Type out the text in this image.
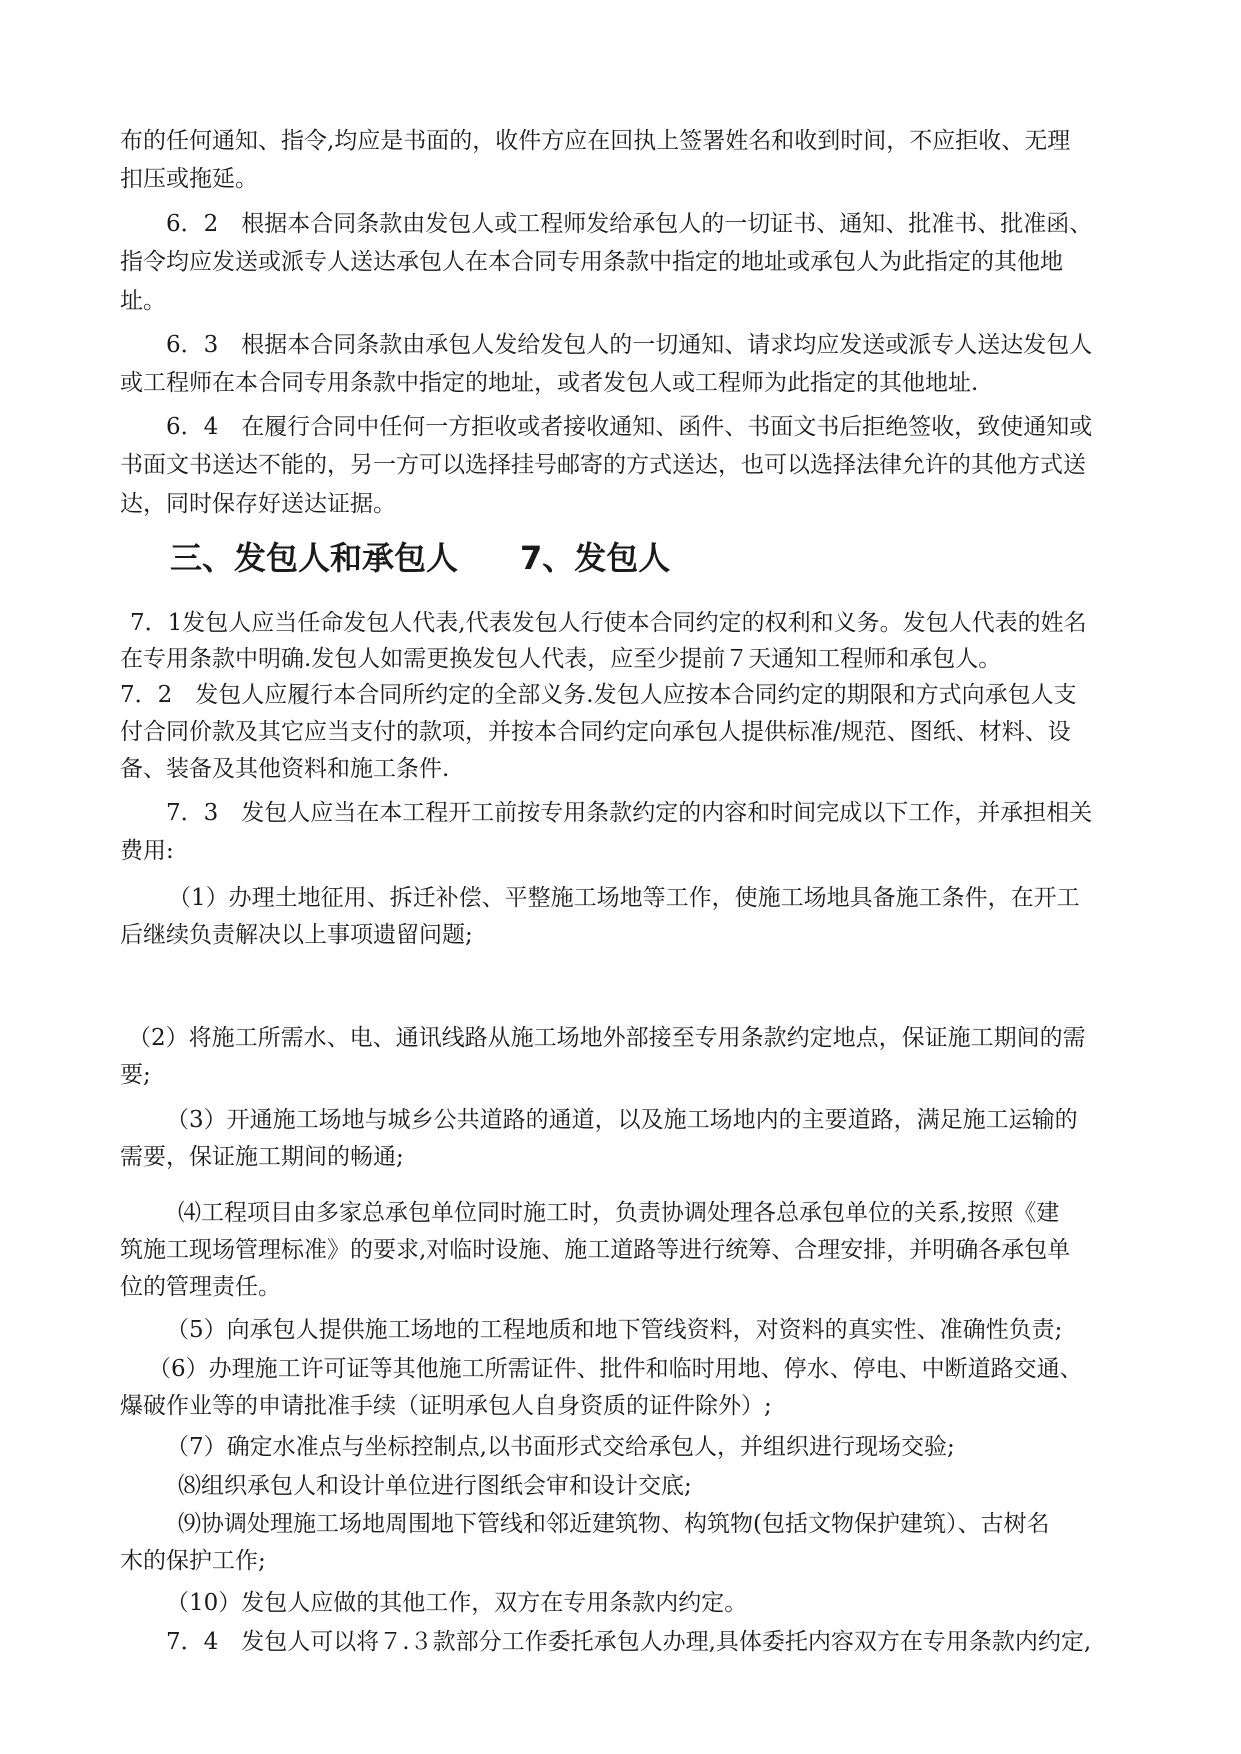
布的任何通知、指令,均应是书面的，收件方应在回执上签署姓名和收到时间，不应拒收、无理
扣压或拖延。
6．2　根据本合同条款由发包人或工程师发给承包人的一切证书、通知、批准书、批准函、
指令均应发送或派专人送达承包人在本合同专用条款中指定的地址或承包人为此指定的其他地
址。
6．3　根据本合同条款由承包人发给发包人的一切通知、请求均应发送或派专人送达发包人
或工程师在本合同专用条款中指定的地址，或者发包人或工程师为此指定的其他地址.
6．4　在履行合同中任何一方拒收或者接收通知、函件、书面文书后拒绝签收，致使通知或
书面文书送达不能的，另一方可以选择挂号邮寄的方式送达，也可以选择法律允许的其他方式送
达，同时保存好送达证据。
三、发包人和承包人 7、发包人
7．1发包人应当任命发包人代表,代表发包人行使本合同约定的权利和义务。发包人代表的姓名
在专用条款中明确.发包人如需更换发包人代表，应至少提前７天通知工程师和承包人。
7．2　发包人应履行本合同所约定的全部义务.发包人应按本合同约定的期限和方式向承包人支
付合同价款及其它应当支付的款项，并按本合同约定向承包人提供标准/规范、图纸、材料、设
备、装备及其他资料和施工条件.
7．3　发包人应当在本工程开工前按专用条款约定的内容和时间完成以下工作，并承担相关
费用:
（1）办理土地征用、拆迁补偿、平整施工场地等工作，使施工场地具备施工条件，在开工
后继续负责解决以上事项遗留问题;
（2）将施工所需水、电、通讯线路从施工场地外部接至专用条款约定地点，保证施工期间的需
要;
（3）开通施工场地与城乡公共道路的通道，以及施工场地内的主要道路，满足施工运输的
需要，保证施工期间的畅通;
⑷工程项目由多家总承包单位同时施工时，负责协调处理各总承包单位的关系,按照《建
筑施工现场管理标准》的要求,对临时设施、施工道路等进行统筹、合理安排，并明确各承包单
位的管理责任。
（5）向承包人提供施工场地的工程地质和地下管线资料，对资料的真实性、准确性负责;
（6）办理施工许可证等其他施工所需证件、批件和临时用地、停水、停电、中断道路交通、
爆破作业等的申请批准手续（证明承包人自身资质的证件除外）;
（7）确定水准点与坐标控制点,以书面形式交给承包人，并组织进行现场交验;
⑻组织承包人和设计单位进行图纸会审和设计交底;
⑼协调处理施工场地周围地下管线和邻近建筑物、构筑物(包括文物保护建筑）、古树名
木的保护工作;
（10）发包人应做的其他工作，双方在专用条款内约定。
7．4　发包人可以将７.３款部分工作委托承包人办理,具体委托内容双方在专用条款内约定,
